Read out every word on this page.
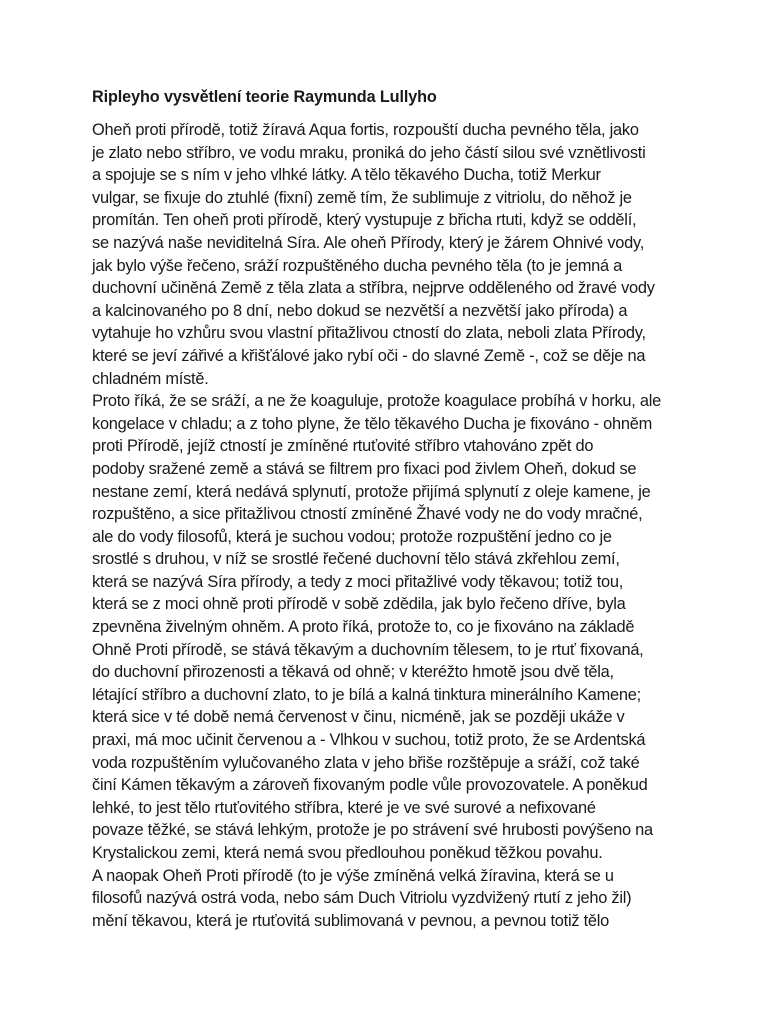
Ripleyho vysvětlení teorie Raymunda Lullyho
Oheň proti přírodě, totiž žíravá Aqua fortis, rozpouští ducha pevného těla, jako
je zlato nebo stříbro, ve vodu mraku, proniká do jeho částí silou své vznětlivosti
a spojuje se s ním v jeho vlhké látky. A tělo těkavého Ducha, totiž Merkur
vulgar, se fixuje do ztuhlé (fixní) země tím, že sublimuje z vitriolu, do něhož je
promítán. Ten oheň proti přírodě, který vystupuje z břicha rtuti, když se oddělí,
se nazývá naše neviditelná Síra. Ale oheň Přírody, který je žárem Ohnivé vody,
jak bylo výše řečeno, sráží rozpuštěného ducha pevného těla (to je jemná a
duchovní učiněná Země z těla zlata a stříbra, nejprve odděleného od žravé vody
a kalcinovaného po 8 dní, nebo dokud se nezvětší a nezvětší jako příroda) a
vytahuje ho vzhůru svou vlastní přitažlivou ctností do zlata, neboli zlata Přírody,
které se jeví zářivé a křišťálové jako rybí oči - do slavné Země -, což se děje na
chladném místě.
Proto říká, že se sráží, a ne že koaguluje, protože koagulace probíhá v horku, ale
kongelace v chladu; a z toho plyne, že tělo těkavého Ducha je fixováno - ohněm
proti Přírodě, jejíž ctností je zmíněné rtuťovité stříbro vtahováno zpět do
podoby sražené země a stává se filtrem pro fixaci pod živlem Oheň, dokud se
nestane zemí, která nedává splynutí, protože přijímá splynutí z oleje kamene, je
rozpuštěno, a sice přitažlivou ctností zmíněné Žhavé vody ne do vody mračné,
ale do vody filosofů, která je suchou vodou; protože rozpuštění jedno co je
srostlé s druhou, v níž se srostlé řečené duchovní tělo stává zkřehlou zemí,
která se nazývá Síra přírody, a tedy z moci přitažlivé vody těkavou; totiž tou,
která se z moci ohně proti přírodě v sobě zdědila, jak bylo řečeno dříve, byla
zpevněna živelným ohněm. A proto říká, protože to, co je fixováno na základě
Ohně Proti přírodě, se stává těkavým a duchovním tělesem, to je rtuť fixovaná,
do duchovní přirozenosti a těkavá od ohně; v kteréžto hmotě jsou dvě těla,
létající stříbro a duchovní zlato, to je bílá a kalná tinktura minerálního Kamene;
která sice v té době nemá červenost v činu, nicméně, jak se později ukáže v
praxi, má moc učinit červenou a - Vlhkou v suchou, totiž proto, že se Ardentská
voda rozpuštěním vylučovaného zlata v jeho břiše rozštěpuje a sráží, což také
činí Kámen těkavým a zároveň fixovaným podle vůle provozovatele. A poněkud
lehké, to jest tělo rtuťovitého stříbra, které je ve své surové a nefixované
povaze těžké, se stává lehkým, protože je po strávení své hrubosti povýšeno na
Krystalickou zemi, která nemá svou předlouhou poněkud těžkou povahu.
A naopak Oheň Proti přírodě (to je výše zmíněná velká žíravina, která se u
filosofů nazývá ostrá voda, nebo sám Duch Vitriolu vyzdvižený rtutí z jeho žil)
mění těkavou, která je rtuťovitá sublimovaná v pevnou, a pevnou totiž tělo
